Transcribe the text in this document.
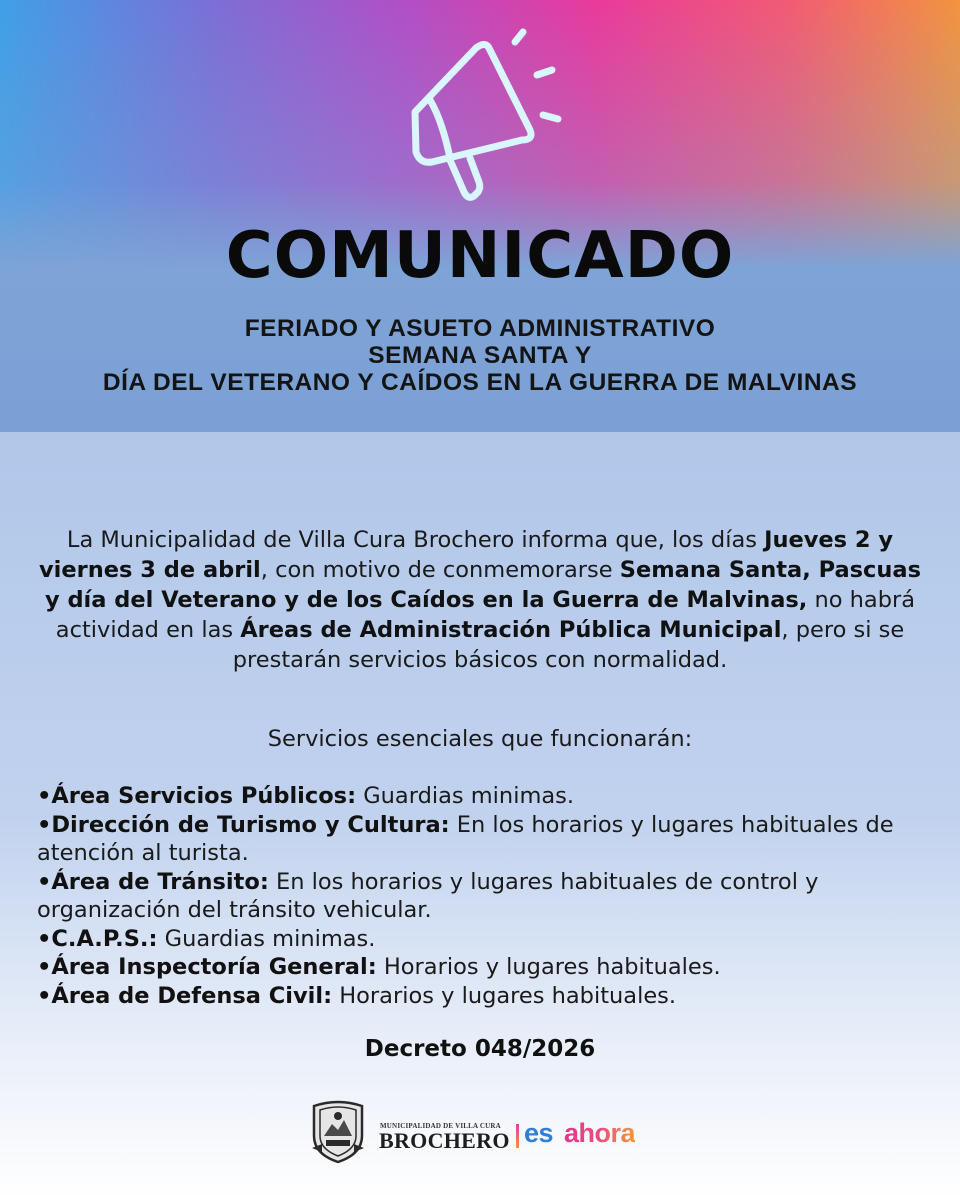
COMUNICADO
FERIADO Y ASUETO ADMINISTRATIVO
SEMANA SANTA Y
DÍA DEL VETERANO Y CAÍDOS EN LA GUERRA DE MALVINAS
La Municipalidad de Villa Cura Brochero informa que, los días Jueves 2 y viernes 3 de abril, con motivo de conmemorarse Semana Santa, Pascuas y día del Veterano y de los Caídos en la Guerra de Malvinas, no habrá actividad en las Áreas de Administración Pública Municipal, pero si se prestarán servicios básicos con normalidad.
Servicios esenciales que funcionarán:

•Área Servicios Públicos: Guardias minimas.

•Dirección de Turismo y Cultura: En los horarios y lugares habituales de atención al turista.

•Área de Tránsito: En los horarios y lugares habituales de control y organización del tránsito vehicular.

•C.A.P.S.: Guardias minimas.

•Área Inspectoría General: Horarios y lugares habituales.

•Área de Defensa Civil: Horarios y lugares habituales.

Decreto 048/2026
MUNICIPALIDAD DE VILLA CURA
BROCHERO es ahora
